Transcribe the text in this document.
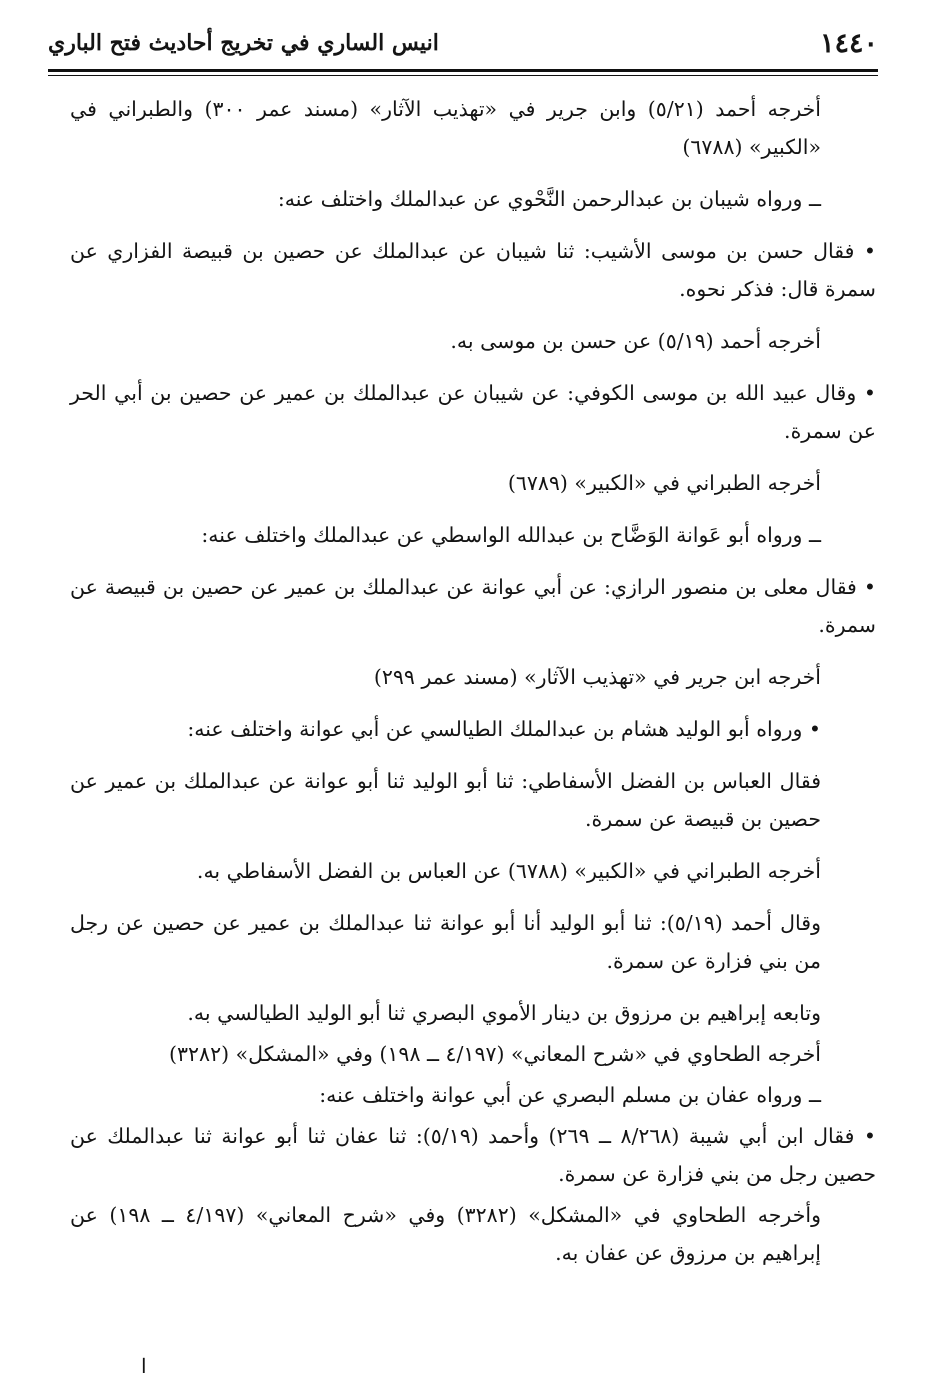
١٤٤٠
انيس الساري في تخريج أحاديث فتح الباري

أخرجه أحمد (٥/٢١) وابن جرير في «تهذيب الآثار» (مسند عمر ٣٠٠) والطبراني في «الكبير» (٦٧٨٨)

ــ ورواه شيبان بن عبدالرحمن النَّحْوي عن عبدالملك واختلف عنه:

• فقال حسن بن موسى الأشيب: ثنا شيبان عن عبدالملك عن حصين بن قبيصة الفزاري عن سمرة قال: فذكر نحوه.

أخرجه أحمد (٥/١٩) عن حسن بن موسى به.

• وقال عبيد الله بن موسى الكوفي: عن شيبان عن عبدالملك بن عمير عن حصين بن أبي الحر عن سمرة.

أخرجه الطبراني في «الكبير» (٦٧٨٩)

ــ ورواه أبو عَوانة الوَضَّاح بن عبدالله الواسطي عن عبدالملك واختلف عنه:

• فقال معلى بن منصور الرازي: عن أبي عوانة عن عبدالملك بن عمير عن حصين بن قبيصة عن سمرة.

أخرجه ابن جرير في «تهذيب الآثار» (مسند عمر ٢٩٩)

• ورواه أبو الوليد هشام بن عبدالملك الطيالسي عن أبي عوانة واختلف عنه:

فقال العباس بن الفضل الأسفاطي: ثنا أبو الوليد ثنا أبو عوانة عن عبدالملك بن عمير عن حصين بن قبيصة عن سمرة.

أخرجه الطبراني في «الكبير» (٦٧٨٨) عن العباس بن الفضل الأسفاطي به.

وقال أحمد (٥/١٩): ثنا أبو الوليد أنا أبو عوانة ثنا عبدالملك بن عمير عن حصين عن رجل من بني فزارة عن سمرة.

وتابعه إبراهيم بن مرزوق بن دينار الأموي البصري ثنا أبو الوليد الطيالسي به.

أخرجه الطحاوي في «شرح المعاني» (٤/١٩٧ ــ ١٩٨) وفي «المشكل» (٣٢٨٢)

ــ ورواه عفان بن مسلم البصري عن أبي عوانة واختلف عنه:

• فقال ابن أبي شيبة (٨/٢٦٨ ــ ٢٦٩) وأحمد (٥/١٩): ثنا عفان ثنا أبو عوانة ثنا عبدالملك عن حصين رجل من بني فزارة عن سمرة.

وأخرجه الطحاوي في «المشكل» (٣٢٨٢) وفي «شرح المعاني» (٤/١٩٧ ــ ١٩٨) عن إبراهيم بن مرزوق عن عفان به.

ا
